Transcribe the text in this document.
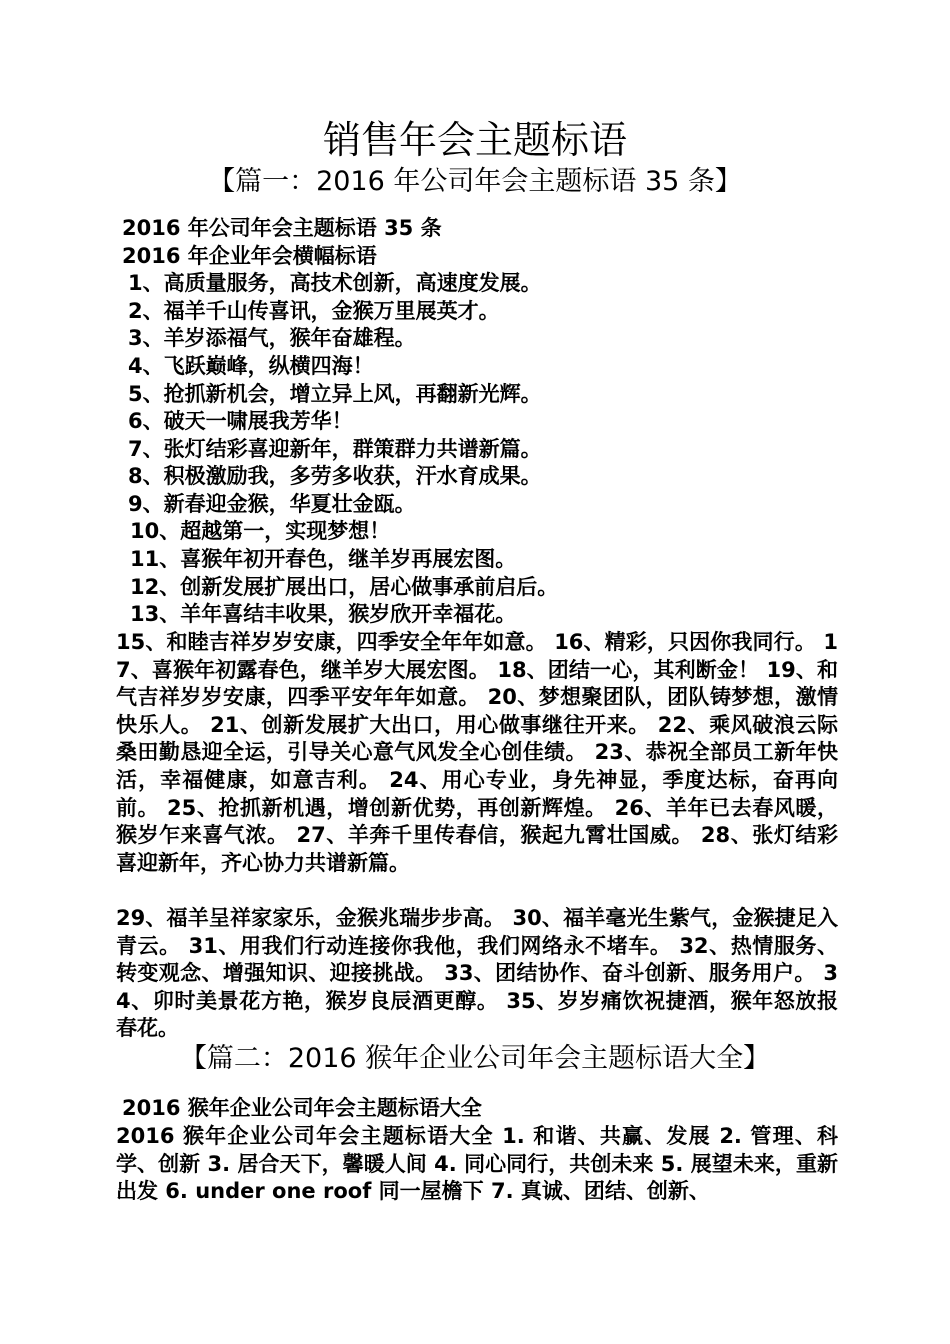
销售年会主题标语
【篇一：2016 年公司年会主题标语 35 条】
2016 年公司年会主题标语 35 条
2016 年企业年会横幅标语
1、高质量服务，高技术创新，高速度发展。
2、福羊千山传喜讯，金猴万里展英才。
3、羊岁添福气，猴年奋雄程。
4、飞跃巅峰，纵横四海！
5、抢抓新机会，增立异上风，再翻新光辉。
6、破天一啸展我芳华！
7、张灯结彩喜迎新年，群策群力共谱新篇。
8、积极激励我，多劳多收获，汗水育成果。
9、新春迎金猴，华夏壮金瓯。
10、超越第一，实现梦想！
11、喜猴年初开春色，继羊岁再展宏图。
12、创新发展扩展出口，居心做事承前启后。
13、羊年喜结丰收果，猴岁欣开幸福花。

15、和睦吉祥岁岁安康，四季安全年年如意。 16、精彩，只因你我同行。 17、喜猴年初露春色，继羊岁大展宏图。 18、团结一心，其利断金！ 19、和气吉祥岁岁安康，四季平安年年如意。 20、梦想聚团队，团队铸梦想，激情快乐人。 21、创新发展扩大出口，用心做事继往开来。 22、乘风破浪云际桑田勤恳迎全运，引导关心意气风发全心创佳绩。 23、恭祝全部员工新年快活，幸福健康，如意吉利。 24、用心专业，身先神显，季度达标，奋再向前。 25、抢抓新机遇，增创新优势，再创新辉煌。 26、羊年已去春风暖，猴岁乍来喜气浓。 27、羊奔千里传春信，猴起九霄壮国威。 28、张灯结彩喜迎新年，齐心协力共谱新篇。

29、福羊呈祥家家乐，金猴兆瑞步步高。 30、福羊毫光生紫气，金猴捷足入青云。 31、用我们行动连接你我他，我们网络永不堵车。 32、热情服务、转变观念、增强知识、迎接挑战。 33、团结协作、奋斗创新、服务用户。 34、卯时美景花方艳，猴岁良辰酒更醇。 35、岁岁痛饮祝捷酒，猴年怒放报春花。

【篇二：2016 猴年企业公司年会主题标语大全】
2016 猴年企业公司年会主题标语大全

2016 猴年企业公司年会主题标语大全 1. 和谐、共赢、发展 2. 管理、科学、创新 3. 居合天下，馨暖人间 4. 同心同行，共创未来 5. 展望未来，重新出发 6. under one roof 同一屋檐下 7. 真诚、团结、创新、
